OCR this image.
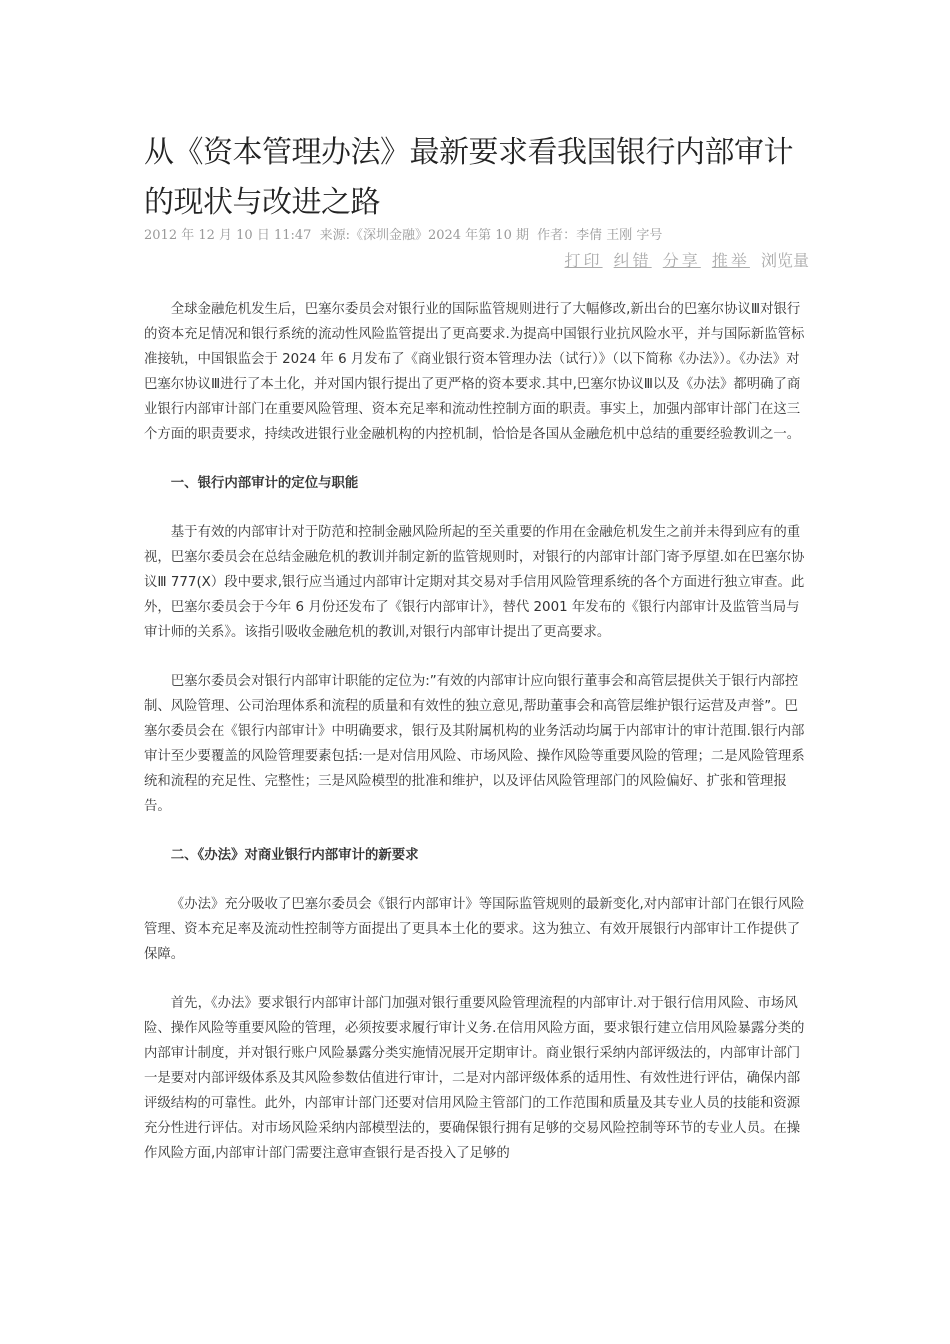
从《资本管理办法》最新要求看我国银行内部审计的现状与改进之路
2012 年 12 月 10 日 11:47 来源:《深圳金融》2024 年第 10 期 作者：李倩 王刚 字号
打印 纠错 分享 推举 浏览量

全球金融危机发生后，巴塞尔委员会对银行业的国际监管规则进行了大幅修改,新出台的巴塞尔协议Ⅲ对银行的资本充足情况和银行系统的流动性风险监管提出了更高要求.为提高中国银行业抗风险水平，并与国际新监管标准接轨，中国银监会于 2024 年 6 月发布了《商业银行资本管理办法（试行）》（以下简称《办法》）。《办法》对巴塞尔协议Ⅲ进行了本土化，并对国内银行提出了更严格的资本要求.其中,巴塞尔协议Ⅲ以及《办法》都明确了商业银行内部审计部门在重要风险管理、资本充足率和流动性控制方面的职责。事实上，加强内部审计部门在这三个方面的职责要求，持续改进银行业金融机构的内控机制，恰恰是各国从金融危机中总结的重要经验教训之一。

一、银行内部审计的定位与职能

基于有效的内部审计对于防范和控制金融风险所起的至关重要的作用在金融危机发生之前并未得到应有的重视，巴塞尔委员会在总结金融危机的教训并制定新的监管规则时，对银行的内部审计部门寄予厚望.如在巴塞尔协议Ⅲ 777(X）段中要求,银行应当通过内部审计定期对其交易对手信用风险管理系统的各个方面进行独立审查。此外，巴塞尔委员会于今年 6 月份还发布了《银行内部审计》，替代 2001 年发布的《银行内部审计及监管当局与审计师的关系》。该指引吸收金融危机的教训,对银行内部审计提出了更高要求。

巴塞尔委员会对银行内部审计职能的定位为:”有效的内部审计应向银行董事会和高管层提供关于银行内部控制、风险管理、公司治理体系和流程的质量和有效性的独立意见,帮助董事会和高管层维护银行运营及声誉”。巴塞尔委员会在《银行内部审计》中明确要求，银行及其附属机构的业务活动均属于内部审计的审计范围.银行内部审计至少要覆盖的风险管理要素包括:一是对信用风险、市场风险、操作风险等重要风险的管理；二是风险管理系统和流程的充足性、完整性；三是风险模型的批准和维护，以及评估风险管理部门的风险偏好、扩张和管理报告。

二、《办法》对商业银行内部审计的新要求

《办法》充分吸收了巴塞尔委员会《银行内部审计》等国际监管规则的最新变化,对内部审计部门在银行风险管理、资本充足率及流动性控制等方面提出了更具本土化的要求。这为独立、有效开展银行内部审计工作提供了保障。

首先，《办法》要求银行内部审计部门加强对银行重要风险管理流程的内部审计.对于银行信用风险、市场风险、操作风险等重要风险的管理，必须按要求履行审计义务.在信用风险方面，要求银行建立信用风险暴露分类的内部审计制度，并对银行账户风险暴露分类实施情况展开定期审计。商业银行采纳内部评级法的，内部审计部门一是要对内部评级体系及其风险参数估值进行审计，二是对内部评级体系的适用性、有效性进行评估，确保内部评级结构的可靠性。此外，内部审计部门还要对信用风险主管部门的工作范围和质量及其专业人员的技能和资源充分性进行评估。对市场风险采纳内部模型法的，要确保银行拥有足够的交易风险控制等环节的专业人员。在操作风险方面,内部审计部门需要注意审查银行是否投入了足够的
